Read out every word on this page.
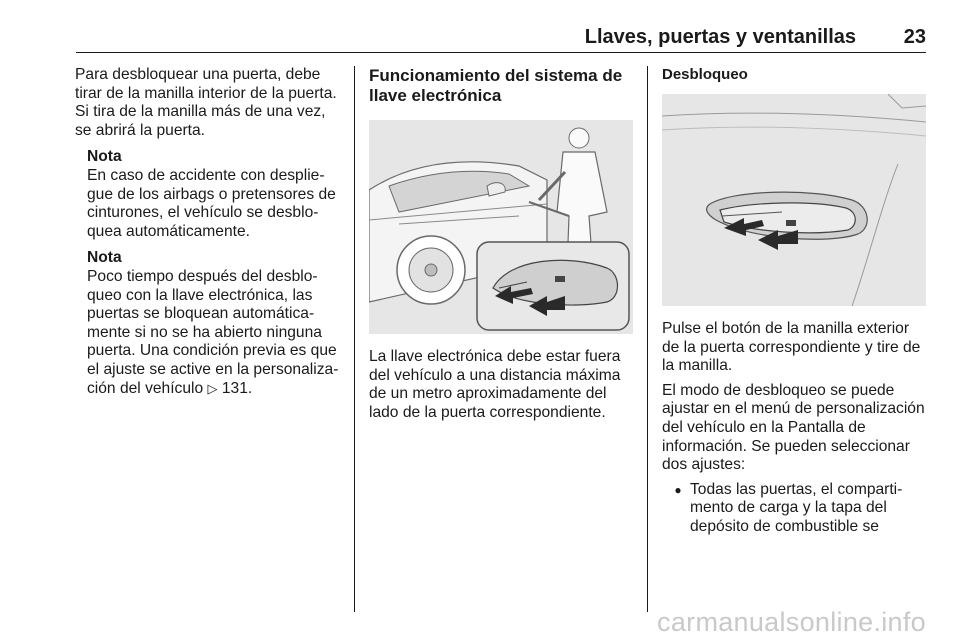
Llaves, puertas y ventanillas 23

Para desbloquear una puerta, debe tirar de la manilla interior de la puerta. Si tira de la manilla más de una vez, se abrirá la puerta.

Nota
En caso de accidente con despliegue de los airbags o pretensores de cinturones, el vehículo se desbloquea automáticamente.
Nota
Poco tiempo después del desbloqueo con la llave electrónica, las puertas se bloquean automáticamente si no se ha abierto ninguna puerta. Una condición previa es que el ajuste se active en la personalización del vehículo ▷ 131.

Funcionamiento del sistema de llave electrónica

La llave electrónica debe estar fuera del vehículo a una distancia máxima de un metro aproximadamente del lado de la puerta correspondiente.

Desbloqueo

Pulse el botón de la manilla exterior de la puerta correspondiente y tire de la manilla.

El modo de desbloqueo se puede ajustar en el menú de personalización del vehículo en la Pantalla de información. Se pueden seleccionar dos ajustes:

● Todas las puertas, el compartimento de carga y la tapa del depósito de combustible se
carmanualsonline.info
